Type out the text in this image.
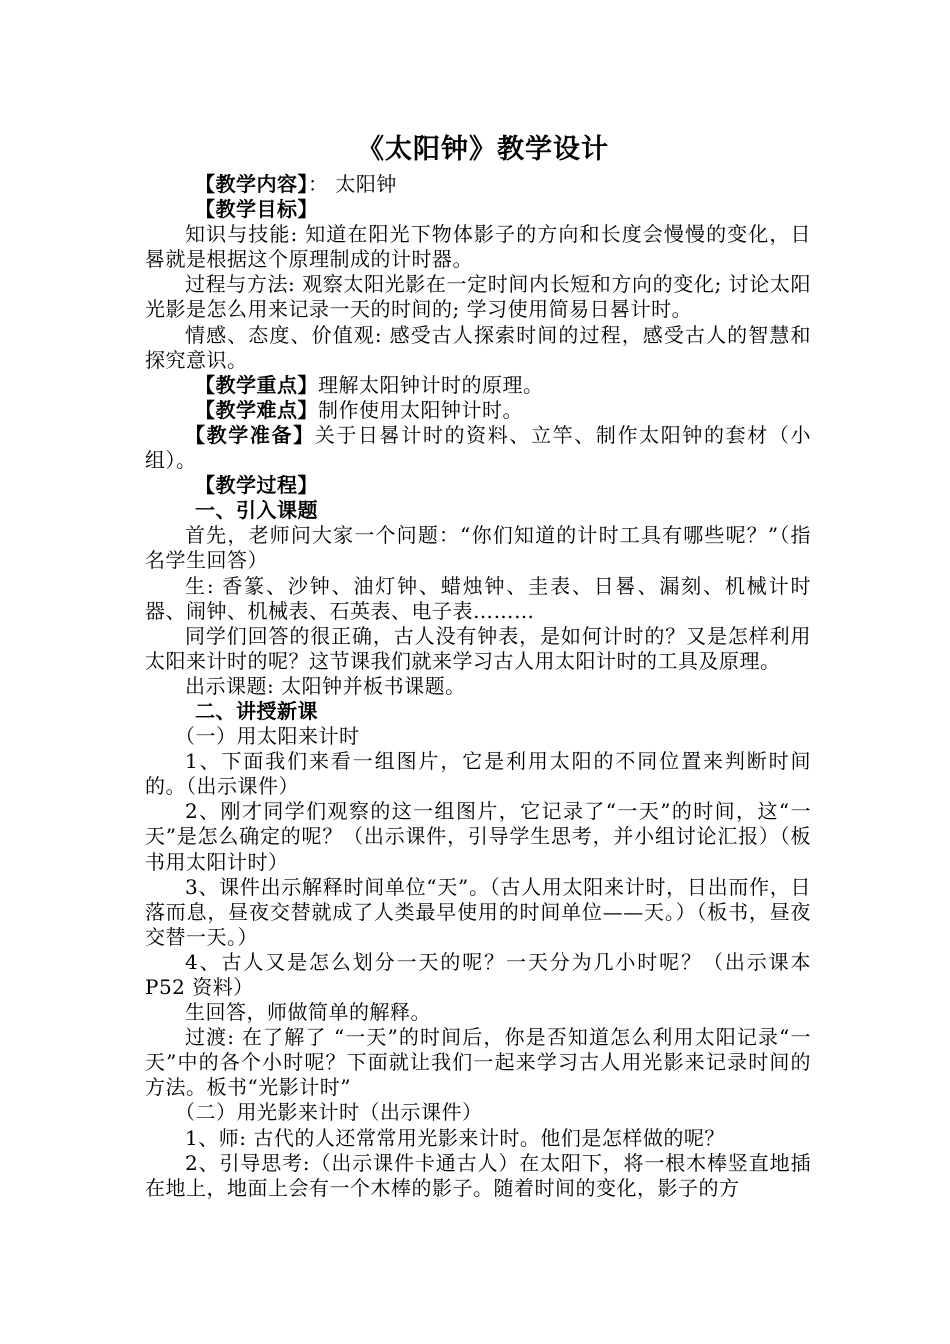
《太阳钟》教学设计
【教学内容】： 太阳钟
【教学目标】
知识与技能: 知道在阳光下物体影子的方向和长度会慢慢的变化，日晷就是根据这个原理制成的计时器。
过程与方法: 观察太阳光影在一定时间内长短和方向的变化; 讨论太阳光影是怎么用来记录一天的时间的; 学习使用简易日晷计时。
情感、态度、价值观: 感受古人探索时间的过程，感受古人的智慧和探究意识。
【教学重点】理解太阳钟计时的原理。
【教学难点】制作使用太阳钟计时。
【教学准备】关于日晷计时的资料、立竿、制作太阳钟的套材（小组）。
【教学过程】
一、引入课题
首先，老师问大家一个问题：“你们知道的计时工具有哪些呢？”（指名学生回答）
生: 香篆、沙钟、油灯钟、蜡烛钟、圭表、日晷、漏刻、机械计时器、闹钟、机械表、石英表、电子表………
同学们回答的很正确，古人没有钟表，是如何计时的？又是怎样利用太阳来计时的呢？这节课我们就来学习古人用太阳计时的工具及原理。
出示课题: 太阳钟并板书课题。
二、讲授新课
（一）用太阳来计时
1、下面我们来看一组图片，它是利用太阳的不同位置来判断时间的。（出示课件）
2、刚才同学们观察的这一组图片，它记录了“一天”的时间，这“一天”是怎么确定的呢？（出示课件，引导学生思考，并小组讨论汇报）（板书用太阳计时）
3、课件出示解释时间单位“天”。（古人用太阳来计时，日出而作，日落而息，昼夜交替就成了人类最早使用的时间单位——天。）（板书，昼夜交替一天。）
4、古人又是怎么划分一天的呢？一天分为几小时呢？（出示课本 P52 资料）
生回答，师做简单的解释。
过渡: 在了解了 “一天”的时间后，你是否知道怎么利用太阳记录“一天”中的各个小时呢？下面就让我们一起来学习古人用光影来记录时间的方法。板书“光影计时”
（二）用光影来计时（出示课件）
1、师: 古代的人还常常用光影来计时。他们是怎样做的呢？
2、引导思考:（出示课件卡通古人）在太阳下，将一根木棒竖直地插在地上，地面上会有一个木棒的影子。随着时间的变化，影子的方
